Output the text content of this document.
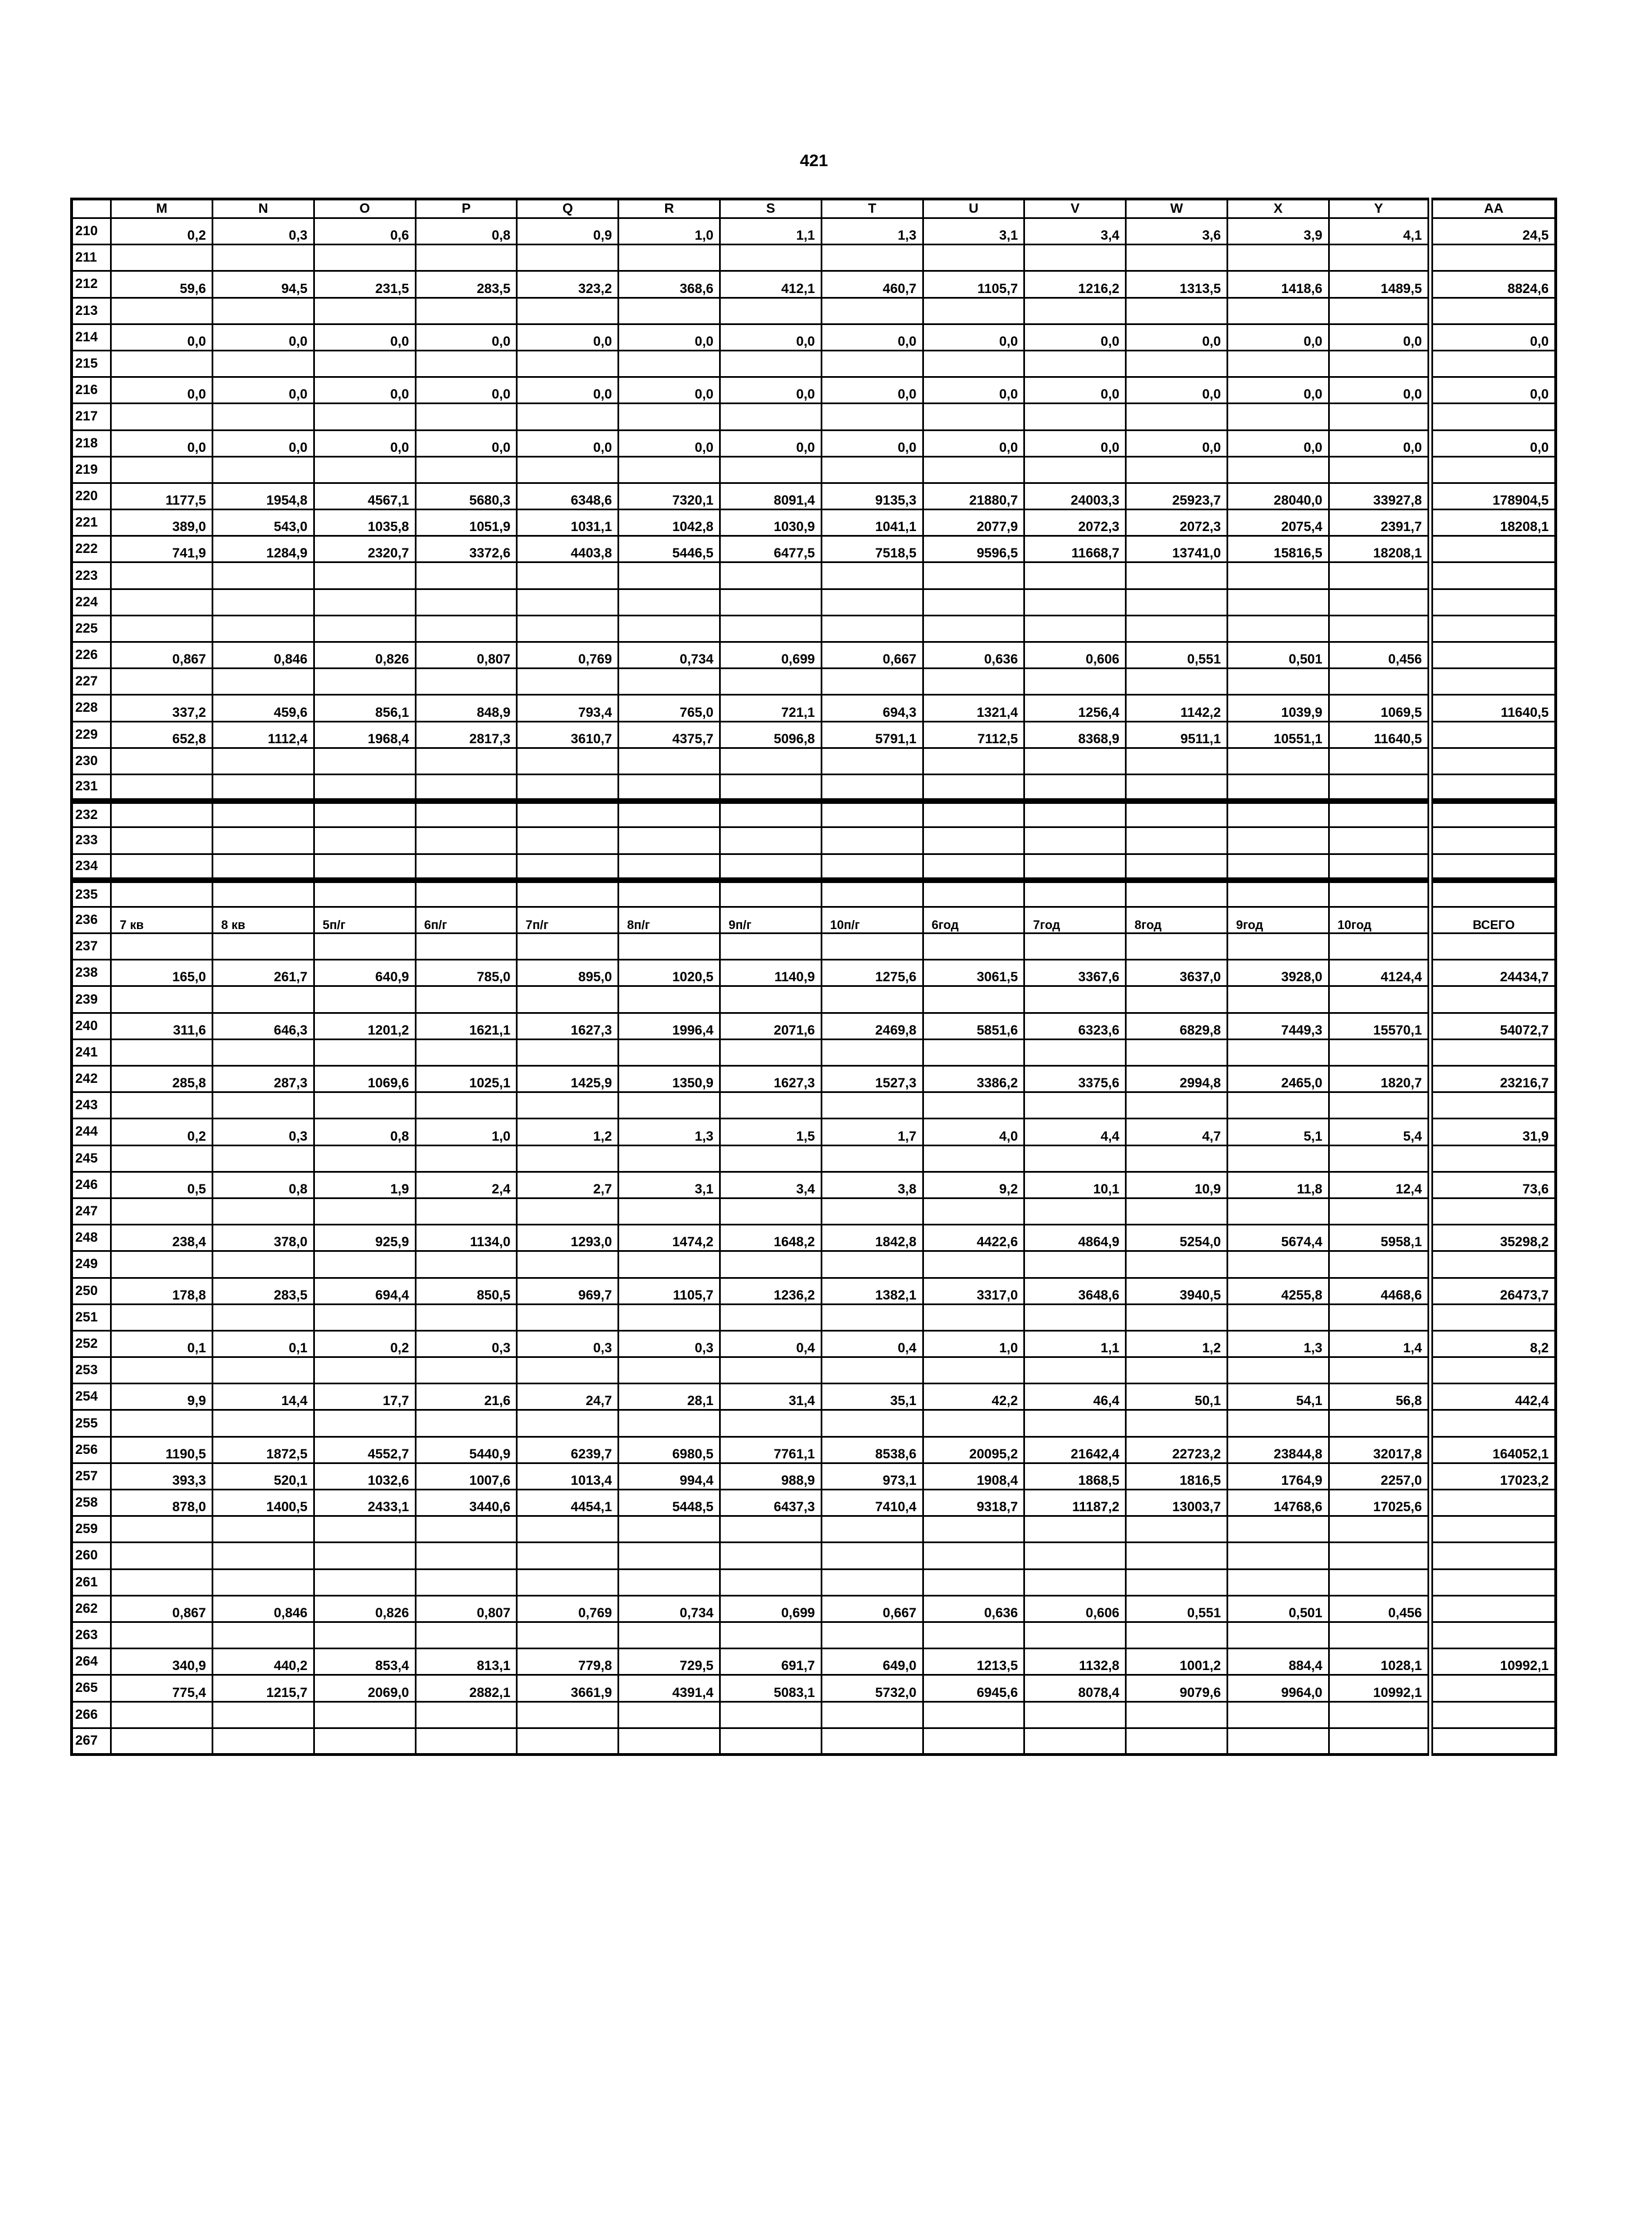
421
	M	N	O	P	Q	R	S	T	U	V	W	X	Y	AA
210	0,2	0,3	0,6	0,8	0,9	1,0	1,1	1,3	3,1	3,4	3,6	3,9	4,1	24,5
211														
212	59,6	94,5	231,5	283,5	323,2	368,6	412,1	460,7	1105,7	1216,2	1313,5	1418,6	1489,5	8824,6
213														
214	0,0	0,0	0,0	0,0	0,0	0,0	0,0	0,0	0,0	0,0	0,0	0,0	0,0	0,0
215														
216	0,0	0,0	0,0	0,0	0,0	0,0	0,0	0,0	0,0	0,0	0,0	0,0	0,0	0,0
217														
218	0,0	0,0	0,0	0,0	0,0	0,0	0,0	0,0	0,0	0,0	0,0	0,0	0,0	0,0
219														
220	1177,5	1954,8	4567,1	5680,3	6348,6	7320,1	8091,4	9135,3	21880,7	24003,3	25923,7	28040,0	33927,8	178904,5
221	389,0	543,0	1035,8	1051,9	1031,1	1042,8	1030,9	1041,1	2077,9	2072,3	2072,3	2075,4	2391,7	18208,1
222	741,9	1284,9	2320,7	3372,6	4403,8	5446,5	6477,5	7518,5	9596,5	11668,7	13741,0	15816,5	18208,1	
223														
224														
225														
226	0,867	0,846	0,826	0,807	0,769	0,734	0,699	0,667	0,636	0,606	0,551	0,501	0,456	
227														
228	337,2	459,6	856,1	848,9	793,4	765,0	721,1	694,3	1321,4	1256,4	1142,2	1039,9	1069,5	11640,5
229	652,8	1112,4	1968,4	2817,3	3610,7	4375,7	5096,8	5791,1	7112,5	8368,9	9511,1	10551,1	11640,5	
230														
231														
232														
233														
234														
235														
236	7 кв	8 кв	5п/г	6п/г	7п/г	8п/г	9п/г	10п/г	6год	7год	8год	9год	10год	ВСЕГО
237														
238	165,0	261,7	640,9	785,0	895,0	1020,5	1140,9	1275,6	3061,5	3367,6	3637,0	3928,0	4124,4	24434,7
239														
240	311,6	646,3	1201,2	1621,1	1627,3	1996,4	2071,6	2469,8	5851,6	6323,6	6829,8	7449,3	15570,1	54072,7
241														
242	285,8	287,3	1069,6	1025,1	1425,9	1350,9	1627,3	1527,3	3386,2	3375,6	2994,8	2465,0	1820,7	23216,7
243														
244	0,2	0,3	0,8	1,0	1,2	1,3	1,5	1,7	4,0	4,4	4,7	5,1	5,4	31,9
245														
246	0,5	0,8	1,9	2,4	2,7	3,1	3,4	3,8	9,2	10,1	10,9	11,8	12,4	73,6
247														
248	238,4	378,0	925,9	1134,0	1293,0	1474,2	1648,2	1842,8	4422,6	4864,9	5254,0	5674,4	5958,1	35298,2
249														
250	178,8	283,5	694,4	850,5	969,7	1105,7	1236,2	1382,1	3317,0	3648,6	3940,5	4255,8	4468,6	26473,7
251														
252	0,1	0,1	0,2	0,3	0,3	0,3	0,4	0,4	1,0	1,1	1,2	1,3	1,4	8,2
253														
254	9,9	14,4	17,7	21,6	24,7	28,1	31,4	35,1	42,2	46,4	50,1	54,1	56,8	442,4
255														
256	1190,5	1872,5	4552,7	5440,9	6239,7	6980,5	7761,1	8538,6	20095,2	21642,4	22723,2	23844,8	32017,8	164052,1
257	393,3	520,1	1032,6	1007,6	1013,4	994,4	988,9	973,1	1908,4	1868,5	1816,5	1764,9	2257,0	17023,2
258	878,0	1400,5	2433,1	3440,6	4454,1	5448,5	6437,3	7410,4	9318,7	11187,2	13003,7	14768,6	17025,6	
259														
260														
261														
262	0,867	0,846	0,826	0,807	0,769	0,734	0,699	0,667	0,636	0,606	0,551	0,501	0,456	
263														
264	340,9	440,2	853,4	813,1	779,8	729,5	691,7	649,0	1213,5	1132,8	1001,2	884,4	1028,1	10992,1
265	775,4	1215,7	2069,0	2882,1	3661,9	4391,4	5083,1	5732,0	6945,6	8078,4	9079,6	9964,0	10992,1	
266														
267														
